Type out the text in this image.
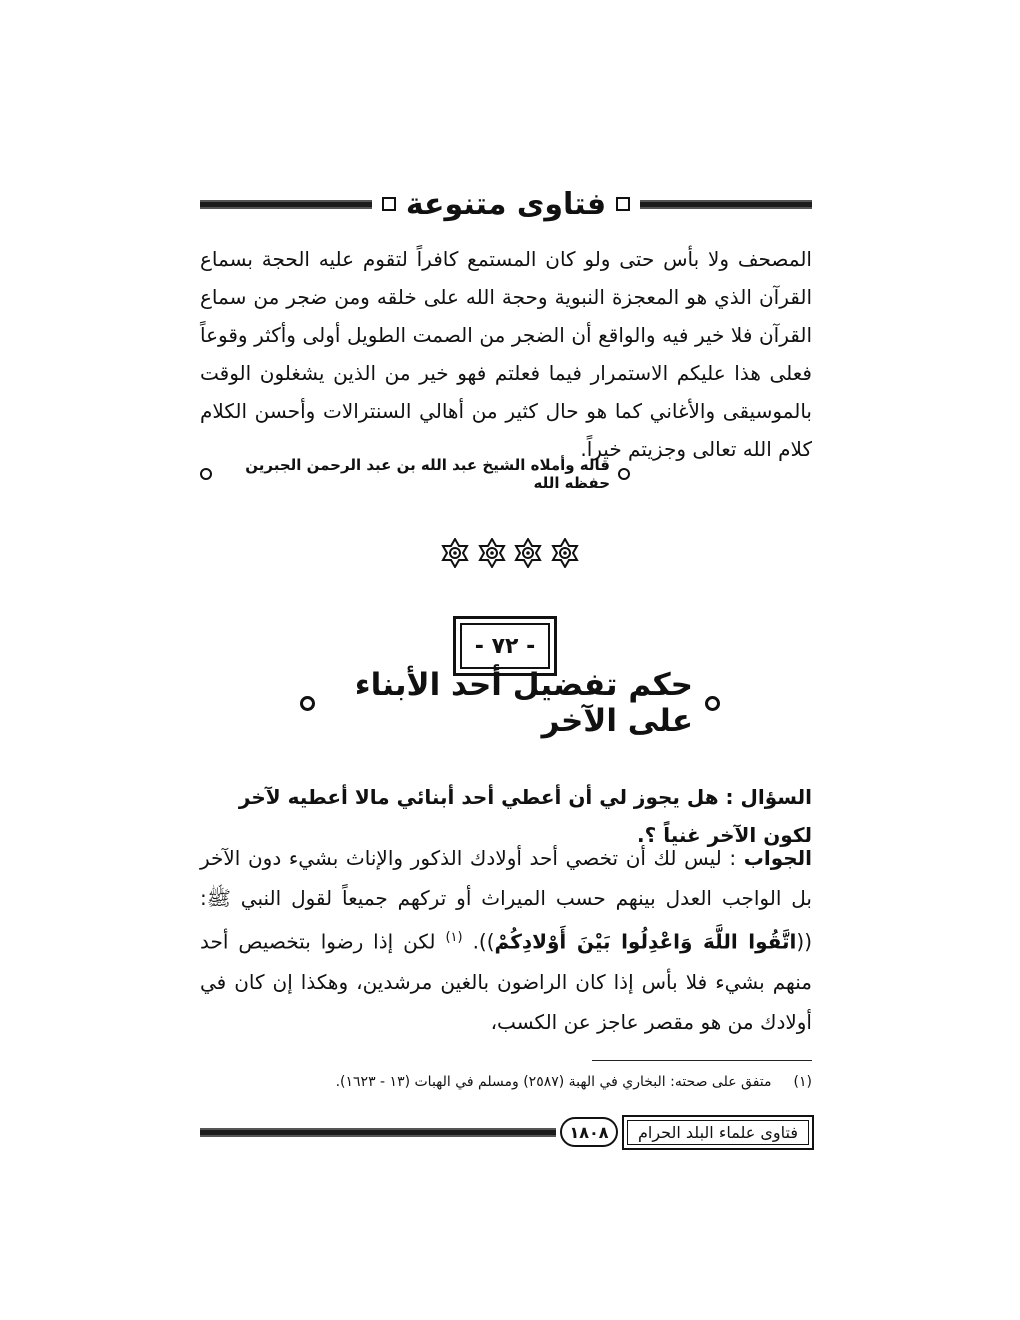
فتاوى متنوعة

المصحف ولا بأس حتى ولو كان المستمع كافراً لتقوم عليه الحجة بسماع القرآن الذي هو المعجزة النبوية وحجة الله على خلقه ومن ضجر من سماع القرآن فلا خير فيه والواقع أن الضجر من الصمت الطويل أولى وأكثر وقوعاً فعلى هذا عليكم الاستمرار فيما فعلتم فهو خير من الذين يشغلون الوقت بالموسيقى والأغاني كما هو حال كثير من أهالي السنترالات وأحسن الكلام كلام الله تعالى وجزيتم خيراً.

قاله وأملاه الشيخ عبد الله بن عبد الرحمن الجبرين حفظه الله
- ٧٢ -
حكم تفضيل أحد الأبناء على الآخر

السؤال : هل يجوز لي أن أعطي أحد أبنائي مالا أعطيه لآخر لكون الآخر غنياً ؟.

الجواب : ليس لك أن تخصي أحد أولادك الذكور والإناث بشيء دون الآخر بل الواجب العدل بينهم حسب الميراث أو تركهم جميعاً لقول النبي ﷺ: ((اتَّقُوا اللَّهَ وَاعْدِلُوا بَيْنَ أَوْلادِكُمْ)). $^{(١)}$ لكن إذا رضوا بتخصيص أحد منهم بشيء فلا بأس إذا كان الراضون بالغين مرشدين، وهكذا إن كان في أولادك من هو مقصر عاجز عن الكسب،

(١)
متفق على صحته: البخاري في الهبة (٢٥٨٧) ومسلم في الهبات (١٣ - ١٦٢٣).
١٨٠٨	فتاوى علماء البلد الحرام
